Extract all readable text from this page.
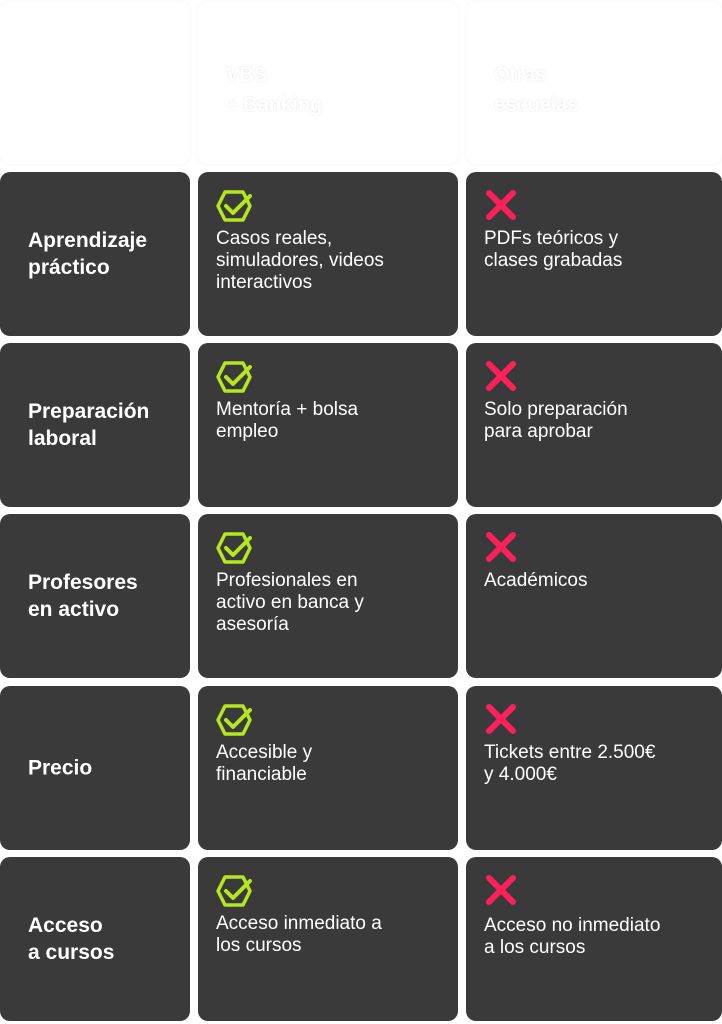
VBS
+ Banking
Otras
escuelas
Aprendizaje
práctico
Casos reales,
simuladores, videos
interactivos
PDFs teóricos y
clases grabadas
Preparación
laboral
Mentoría + bolsa
empleo
Solo preparación
para aprobar
Profesores
en activo
Profesionales en
activo en banca y
asesoría
Académicos
Precio
Accesible y
financiable
Tickets entre 2.500€
y 4.000€
Acceso
a cursos
Acceso inmediato a
los cursos
Acceso no inmediato
a los cursos
